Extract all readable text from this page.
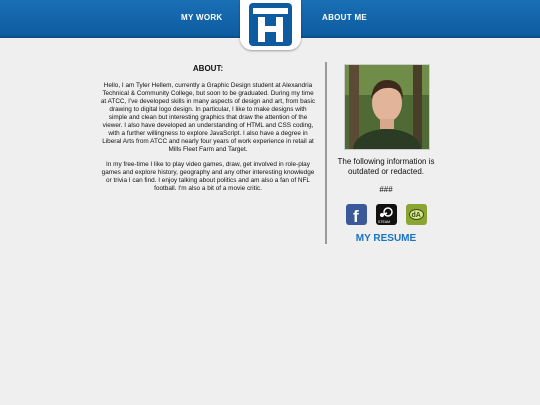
MY WORK	ABOUT ME
ABOUT:

Hello, I am Tyler Hellem, currently a Graphic Design student at Alexandria Technical & Community College, but soon to be graduated. During my time at ATCC, I've developed skills in many aspects of design and art, from basic drawing to digital logo design. In particular, I like to make designs with simple and clean but interesting graphics that draw the attention of the viewer. I also have developed an understanding of HTML and CSS coding, with a further willingness to explore JavaScript. I also have a degree in Liberal Arts from ATCC and nearly four years of work experience in retail at Mills Fleet Farm and Target.

In my free-time I like to play video games, draw, get involved in role-play games and explore history, geography and any other interesting knowledge or trivia I can find. I enjoy talking about politics and am also a fan of NFL football. I'm also a bit of a movie critic.

The following information is outdated or redacted.
###
f	STEAM
dA
MY RESUME
